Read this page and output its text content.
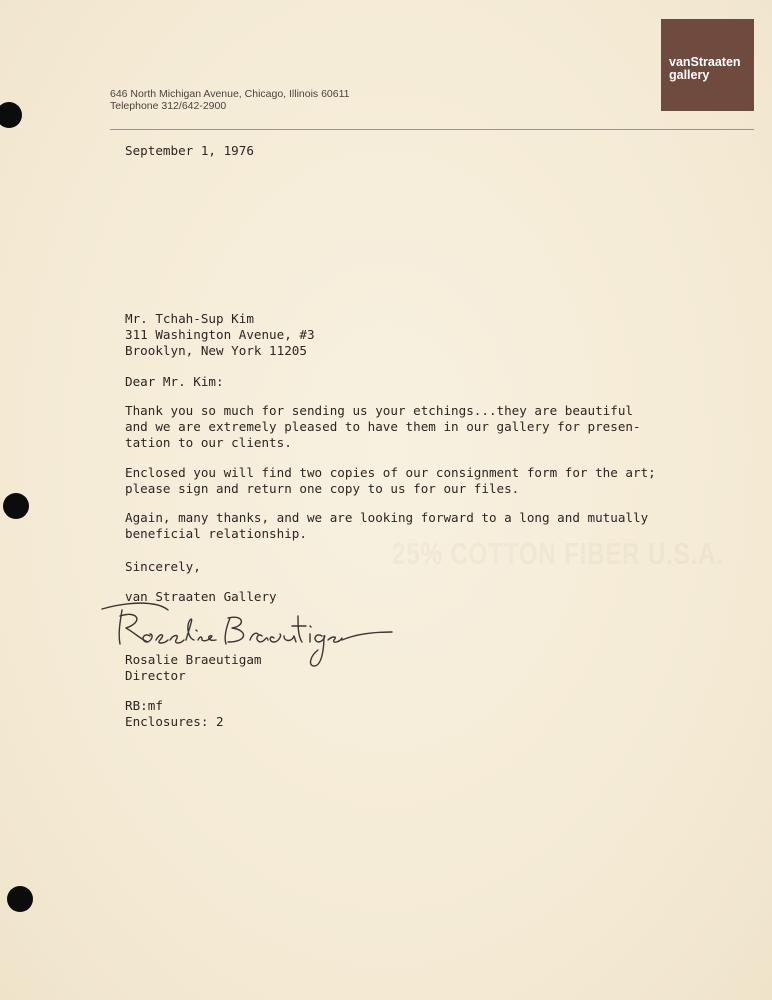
25% COTTON FIBER U.S.A.
vanStraaten
gallery
646 North Michigan Avenue, Chicago, Illinois 60611
Telephone 312/642-2900
September 1, 1976
Mr. Tchah-Sup Kim
311 Washington Avenue, #3
Brooklyn, New York 11205
Dear Mr. Kim:
Thank you so much for sending us your etchings...they are beautiful
and we are extremely pleased to have them in our gallery for presen-
tation to our clients.
Enclosed you will find two copies of our consignment form for the art;
please sign and return one copy to us for our files.
Again, many thanks, and we are looking forward to a long and mutually
beneficial relationship.
Sincerely,
van Straaten Gallery
Rosalie Braeutigam
Director
RB:mf
Enclosures: 2
